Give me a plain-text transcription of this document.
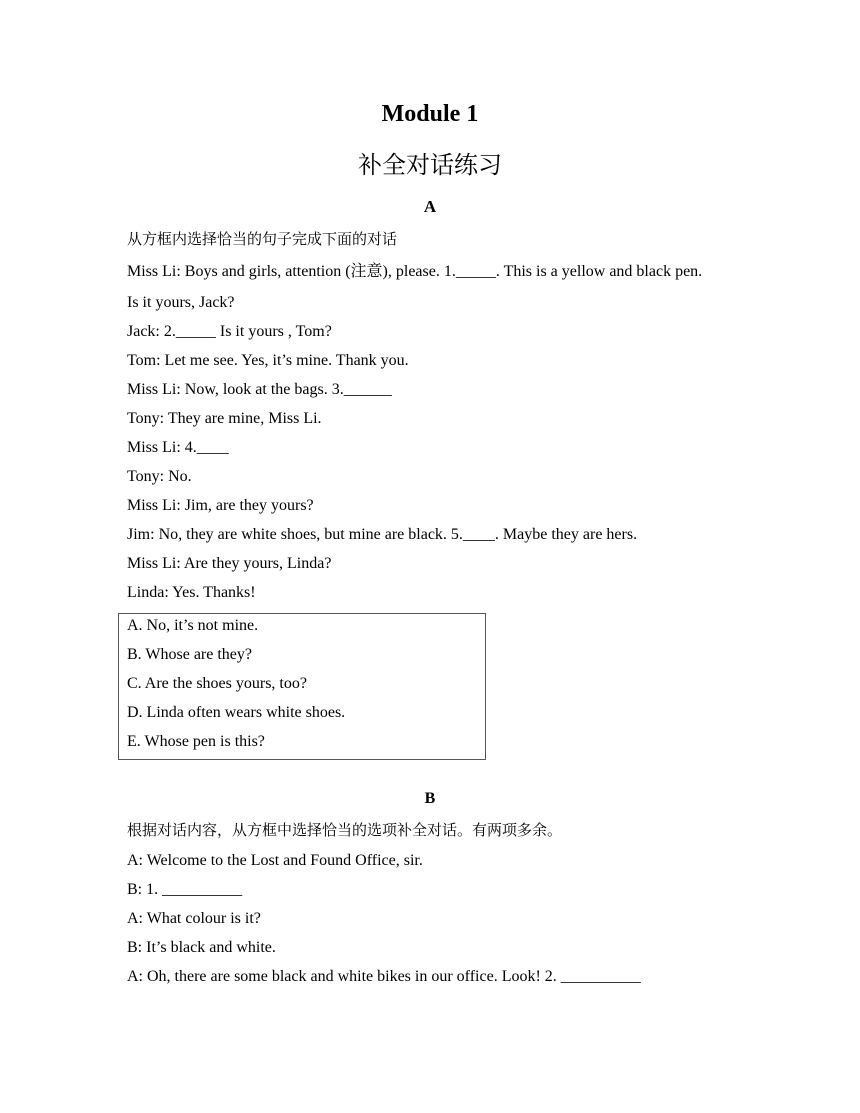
Module 1
补全对话练习
A
从方框内选择恰当的句子完成下面的对话
Miss Li: Boys and girls, attention (注意), please. 1._____. This is a yellow and black pen.
Is it yours, Jack?
Jack: 2._____ Is it yours , Tom?
Tom: Let me see. Yes, it’s mine. Thank you.
Miss Li: Now, look at the bags. 3.______
Tony: They are mine, Miss Li.
Miss Li: 4.____
Tony: No.
Miss Li: Jim, are they yours?
Jim: No, they are white shoes, but mine are black. 5.____. Maybe they are hers.
Miss Li: Are they yours, Linda?
Linda: Yes. Thanks!
A. No, it’s not mine.
B. Whose are they?
C. Are the shoes yours, too?
D. Linda often wears white shoes.
E. Whose pen is this?
B
根据对话内容，从方框中选择恰当的选项补全对话。有两项多余。
A: Welcome to the Lost and Found Office, sir.
B: 1. __________
A: What colour is it?
B: It’s black and white.
A: Oh, there are some black and white bikes in our office. Look! 2. __________
